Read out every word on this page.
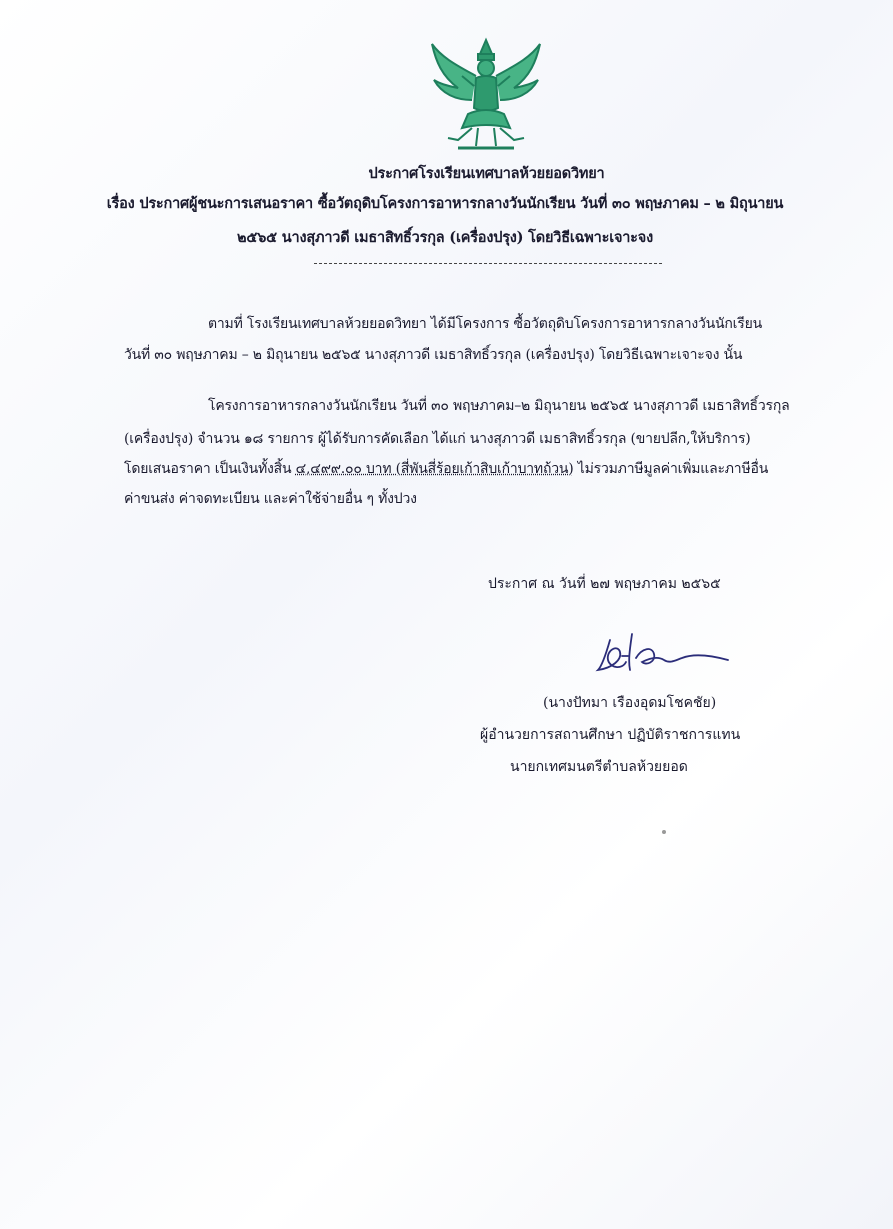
ประกาศโรงเรียนเทศบาลห้วยยอดวิทยา
เรื่อง ประกาศผู้ชนะการเสนอราคา ซื้อวัตถุดิบโครงการอาหารกลางวันนักเรียน วันที่ ๓๐ พฤษภาคม – ๒ มิถุนายน
๒๕๖๕ นางสุภาวดี เมธาสิทธิ์วรกุล (เครื่องปรุง) โดยวิธีเฉพาะเจาะจง
ตามที่ โรงเรียนเทศบาลห้วยยอดวิทยา ได้มีโครงการ ซื้อวัตถุดิบโครงการอาหารกลางวันนักเรียน
วันที่ ๓๐ พฤษภาคม – ๒ มิถุนายน ๒๕๖๕ นางสุภาวดี เมธาสิทธิ์วรกุล (เครื่องปรุง) โดยวิธีเฉพาะเจาะจง นั้น
โครงการอาหารกลางวันนักเรียน วันที่ ๓๐ พฤษภาคม–๒ มิถุนายน ๒๕๖๕ นางสุภาวดี เมธาสิทธิ์วรกุล
(เครื่องปรุง) จำนวน ๑๘ รายการ ผู้ได้รับการคัดเลือก ได้แก่ นางสุภาวดี เมธาสิทธิ์วรกุล (ขายปลีก,ให้บริการ)
โดยเสนอราคา เป็นเงินทั้งสิ้น ๔,๔๙๙.๐๐ บาท (สี่พันสี่ร้อยเก้าสิบเก้าบาทถ้วน) ไม่รวมภาษีมูลค่าเพิ่มและภาษีอื่น
ค่าขนส่ง ค่าจดทะเบียน และค่าใช้จ่ายอื่น ๆ ทั้งปวง
ประกาศ ณ วันที่ ๒๗ พฤษภาคม ๒๕๖๕
(นางปัทมา เรืองอุดมโชคชัย)
ผู้อำนวยการสถานศึกษา ปฏิบัติราชการแทน
นายกเทศมนตรีตำบลห้วยยอด
